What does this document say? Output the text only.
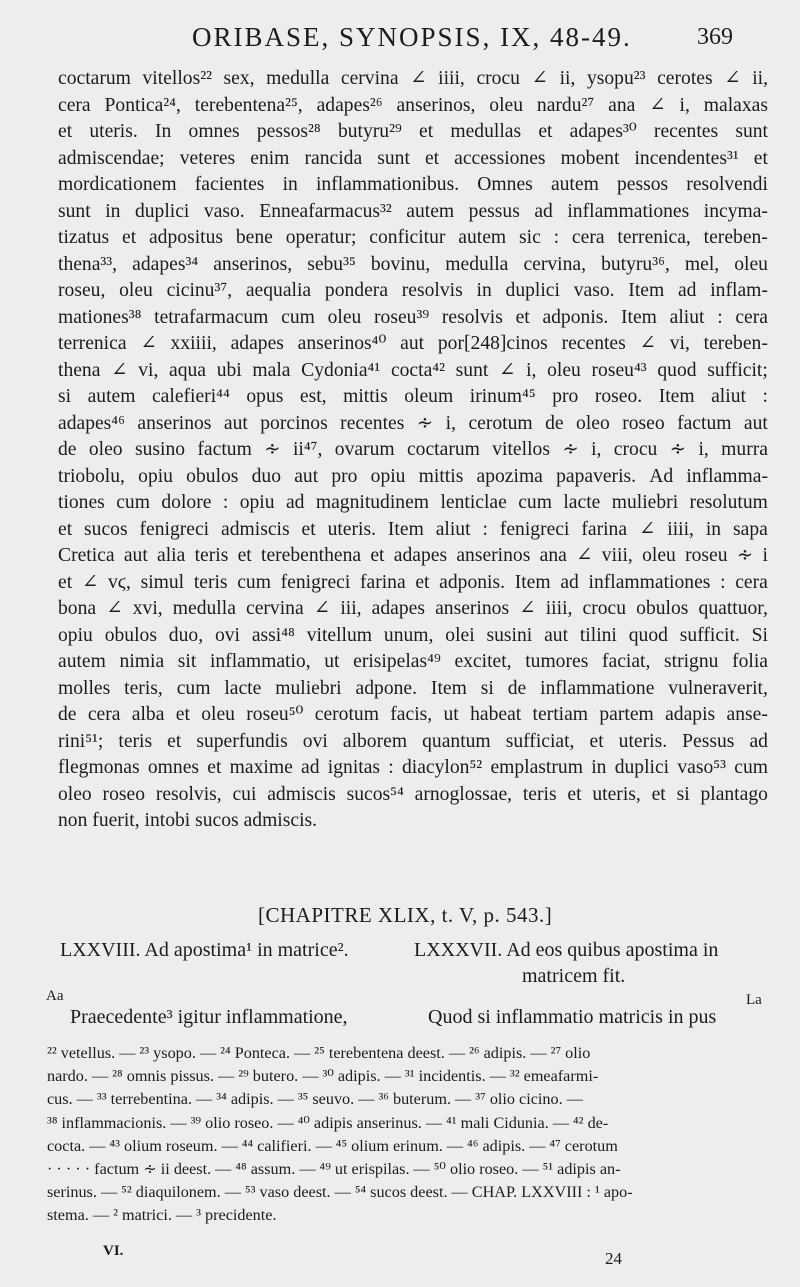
ORIBASE, SYNOPSIS, IX, 48-49.	369
coctarum vitellos²² sex, medulla cervina ∠ iiii, crocu ∠ ii, ysopu²³ cerotes ∠ ii,
cera Pontica²⁴, terebentena²⁵, adapes²⁶ anserinos, oleu nardu²⁷ ana ∠ i, malaxas
et uteris. In omnes pessos²⁸ butyru²⁹ et medullas et adapes³⁰ recentes sunt
admiscendae; veteres enim rancida sunt et accessiones mobent incendentes³¹ et
mordicationem facientes in inflammationibus. Omnes autem pessos resolvendi
sunt in duplici vaso. Enneafarmacus³² autem pessus ad inflammationes incyma-
tizatus et adpositus bene operatur; conficitur autem sic : cera terrenica, tereben-
thena³³, adapes³⁴ anserinos, sebu³⁵ bovinu, medulla cervina, butyru³⁶, mel, oleu
roseu, oleu cicinu³⁷, aequalia pondera resolvis in duplici vaso. Item ad inflam-
mationes³⁸ tetrafarmacum cum oleu roseu³⁹ resolvis et adponis. Item aliut : cera
terrenica ∠ xxiiii, adapes anserinos⁴⁰ aut por[248]cinos recentes ∠ vi, tereben-
thena ∠ vi, aqua ubi mala Cydonia⁴¹ cocta⁴² sunt ∠ i, oleu roseu⁴³ quod sufficit;
si autem calefieri⁴⁴ opus est, mittis oleum irinum⁴⁵ pro roseo. Item aliut :
adapes⁴⁶ anserinos aut porcinos recentes ∻ i, cerotum de oleo roseo factum aut
de oleo susino factum ∻ ii⁴⁷, ovarum coctarum vitellos ∻ i, crocu ∻ i, murra
triobolu, opiu obulos duo aut pro opiu mittis apozima papaveris. Ad inflamma-
tiones cum dolore : opiu ad magnitudinem lenticlae cum lacte muliebri resolutum
et sucos fenigreci admiscis et uteris. Item aliut : fenigreci farina ∠ iiii, in sapa
Cretica aut alia teris et terebenthena et adapes anserinos ana ∠ viii, oleu roseu ∻ i
et ∠ vϛ, simul teris cum fenigreci farina et adponis. Item ad inflammationes : cera
bona ∠ xvi, medulla cervina ∠ iii, adapes anserinos ∠ iiii, crocu obulos quattuor,
opiu obulos duo, ovi assi⁴⁸ vitellum unum, olei susini aut tilini quod sufficit. Si
autem nimia sit inflammatio, ut erisipelas⁴⁹ excitet, tumores faciat, strignu folia
molles teris, cum lacte muliebri adpone. Item si de inflammatione vulneraverit,
de cera alba et oleu roseu⁵⁰ cerotum facis, ut habeat tertiam partem adapis anse-
rini⁵¹; teris et superfundis ovi alborem quantum sufficiat, et uteris. Pessus ad
flegmonas omnes et maxime ad ignitas : diacylon⁵² emplastrum in duplici vaso⁵³ cum
oleo roseo resolvis, cui admiscis sucos⁵⁴ arnoglossae, teris et uteris, et si plantago
non fuerit, intobi sucos admiscis.
[CHAPITRE XLIX, t. V, p. 543.]
LXXVIII. Ad apostima¹ in matrice².	LXXXVII. Ad eos quibus apostima in
matricem fit.
Aa	La
Praecedente³ igitur inflammatione,	Quod si inflammatio matricis in pus
²² vetellus. — ²³ ysopo. — ²⁴ Ponteca. — ²⁵ terebentena deest. — ²⁶ adipis. — ²⁷ olio
nardo. — ²⁸ omnis pissus. — ²⁹ butero. — ³⁰ adipis. — ³¹ incidentis. — ³² emeafarmi-
cus. — ³³ terrebentina. — ³⁴ adipis. — ³⁵ seuvo. — ³⁶ buterum. — ³⁷ olio cicino. —
³⁸ inflammacionis. — ³⁹ olio roseo. — ⁴⁰ adipis anserinus. — ⁴¹ mali Cidunia. — ⁴² de-
cocta. — ⁴³ olium roseum. — ⁴⁴ califieri. — ⁴⁵ olium erinum. — ⁴⁶ adipis. — ⁴⁷ cerotum
· · · · · factum ∻ ii deest. — ⁴⁸ assum. — ⁴⁹ ut erispilas. — ⁵⁰ olio roseo. — ⁵¹ adipis an-
serinus. — ⁵² diaquilonem. — ⁵³ vaso deest. — ⁵⁴ sucos deest. — CHAP. LXXVIII : ¹ apo-
stema. — ² matrici. — ³ precidente.
VI.	24
